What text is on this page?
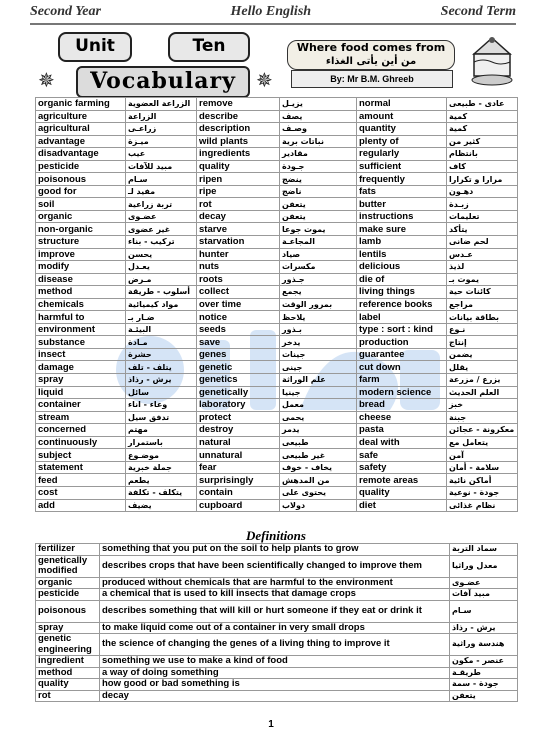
Second Year	Hello English	Second Term
Unit	Ten
✵	✵
Vocabulary
Where food comes from
من أين يأتى الغذاء
By: Mr B.M. Ghreeb
organic farming	الزراعة العضوية	remove	يزيـل	normal	عادى - طبيعى
agriculture	الزراعة	describe	يصف	amount	كمية
agricultural	زراعـى	description	وصـف	quantity	كمية
advantage	ميـزة	wild plants	نباتات برية	plenty of	كثير من
disadvantage	عيب	ingredients	مقادير	regularly	بانتظام
pesticide	مبيد للآفات	quality	جـودة	sufficient	كاف
poisonous	سـام	ripen	ينضج	frequently	مرارا و تكرارا
good for	مفيد لـ	ripe	ناضج	fats	دهـون
soil	تربة زراعية	rot	يتعفن	butter	زبـدة
organic	عضـوى	decay	يتعفن	instructions	تعليمات
non-organic	غير عضوى	starve	يموت جوعا	make sure	يتأكد
structure	تركيب - بناء	starvation	المجاعـة	lamb	لحم ضانى
improve	يحسن	hunter	صياد	lentils	عـدس
modify	يعـدل	nuts	مكسرات	delicious	لذيذ
disease	مـرض	roots	جـذور	die of	يموت بـ
method	أسلوب - طريقة	collect	يجمع	living things	كائنات حية
chemicals	مواد كيميائية	over time	بمرور الوقت	reference books	مراجع
harmful to	ضـار بـ	notice	يلاحظ	label	بطاقة بيانات
environment	البيئـة	seeds	بـذور	type : sort : kind	نـوع
substance	مـادة	save	يدخر	production	إنتاج
insect	حشرة	genes	جينات	guarantee	يضمن
damage	يتلف - تلف	genetic	جينى	cut down	يقلل
spray	يرش - رذاذ	genetics	علم الوراثة	farm	يزرع / مزرعة
liquid	سائل	genetically	جينيا	modern science	العلم الحديث
container	وعاء - اناء	laboratory	معمل	bread	خبز
stream	تدفق سيل	protect	يحمى	cheese	جبنة
concerned	مهتم	destroy	يدمر	pasta	معكرونة - عجائن
continuously	باستمرار	natural	طبيعى	deal with	يتعامل مع
subject	موضـوع	unnatural	غير طبيعى	safe	آمن
statement	جملة خبرية	fear	يخاف - خوف	safety	سلامة - أمان
feed	يطعم	surprisingly	من المدهش	remote areas	أماكن نائية
cost	يتكلف - تكلفة	contain	يحتوى على	quality	جودة - نوعية
add	يضيف	cupboard	دولاب	diet	نظام غذائى
Definitions
fertilizer	something that you put on the soil to help plants to grow	سماد التربة
genetically modified	describes crops that have been scientifically changed to improve them	معدل وراثيا
organic	produced without chemicals that are harmful to the environment	عضـوى
pesticide	a chemical that is used to kill insects that damage crops	مبيد آفات
poisonous	describes something that will kill or hurt someone if they eat or drink it	سـام
spray	to make liquid come out of a container in very small drops	يرش - رذاذ
genetic engineering	the science of changing the genes of a living thing to improve it	هندسة وراثية
ingredient	something we use to make a kind of food	عنصر - مكون
method	a way of doing something	طريقـة
quality	how good or bad something is	جودة - سمة
rot	decay	يتعفن
1
